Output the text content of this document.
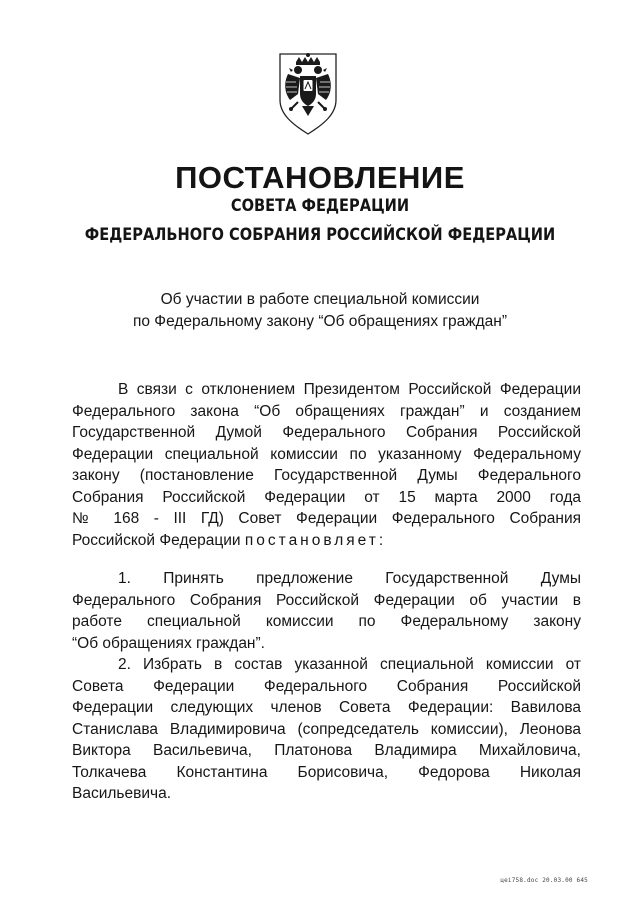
ПОСТАНОВЛЕНИЕ
СОВЕТА ФЕДЕРАЦИИ
ФЕДЕРАЛЬНОГО СОБРАНИЯ РОССИЙСКОЙ ФЕДЕРАЦИИ
Об участии в работе специальной комиссии
по Федеральному закону “Об обращениях граждан”
В связи с отклонением Президентом Российской Федерации
Федерального закона “Об обращениях граждан” и созданием
Государственной Думой Федерального Собрания Российской
Федерации специальной комиссии по указанному Федеральному
закону (постановление Государственной Думы Федерального
Собрания Российской Федерации от 15 марта 2000 года
№ 168 - III ГД) Совет Федерации Федерального Собрания
Российской Федерации постановляет:
1. Принять предложение Государственной Думы
Федерального Собрания Российской Федерации об участии в
работе специальной комиссии по Федеральному закону
“Об обращениях граждан”.
2. Избрать в состав указанной специальной комиссии от
Совета Федерации Федерального Собрания Российской
Федерации следующих членов Совета Федерации: Вавилова
Станислава Владимировича (сопредседатель комиссии), Леонова
Виктора Васильевича, Платонова Владимира Михайловича,
Толкачева Константина Борисовича, Федорова Николая
Васильевича.
цеі758.doc 20.03.00 645
